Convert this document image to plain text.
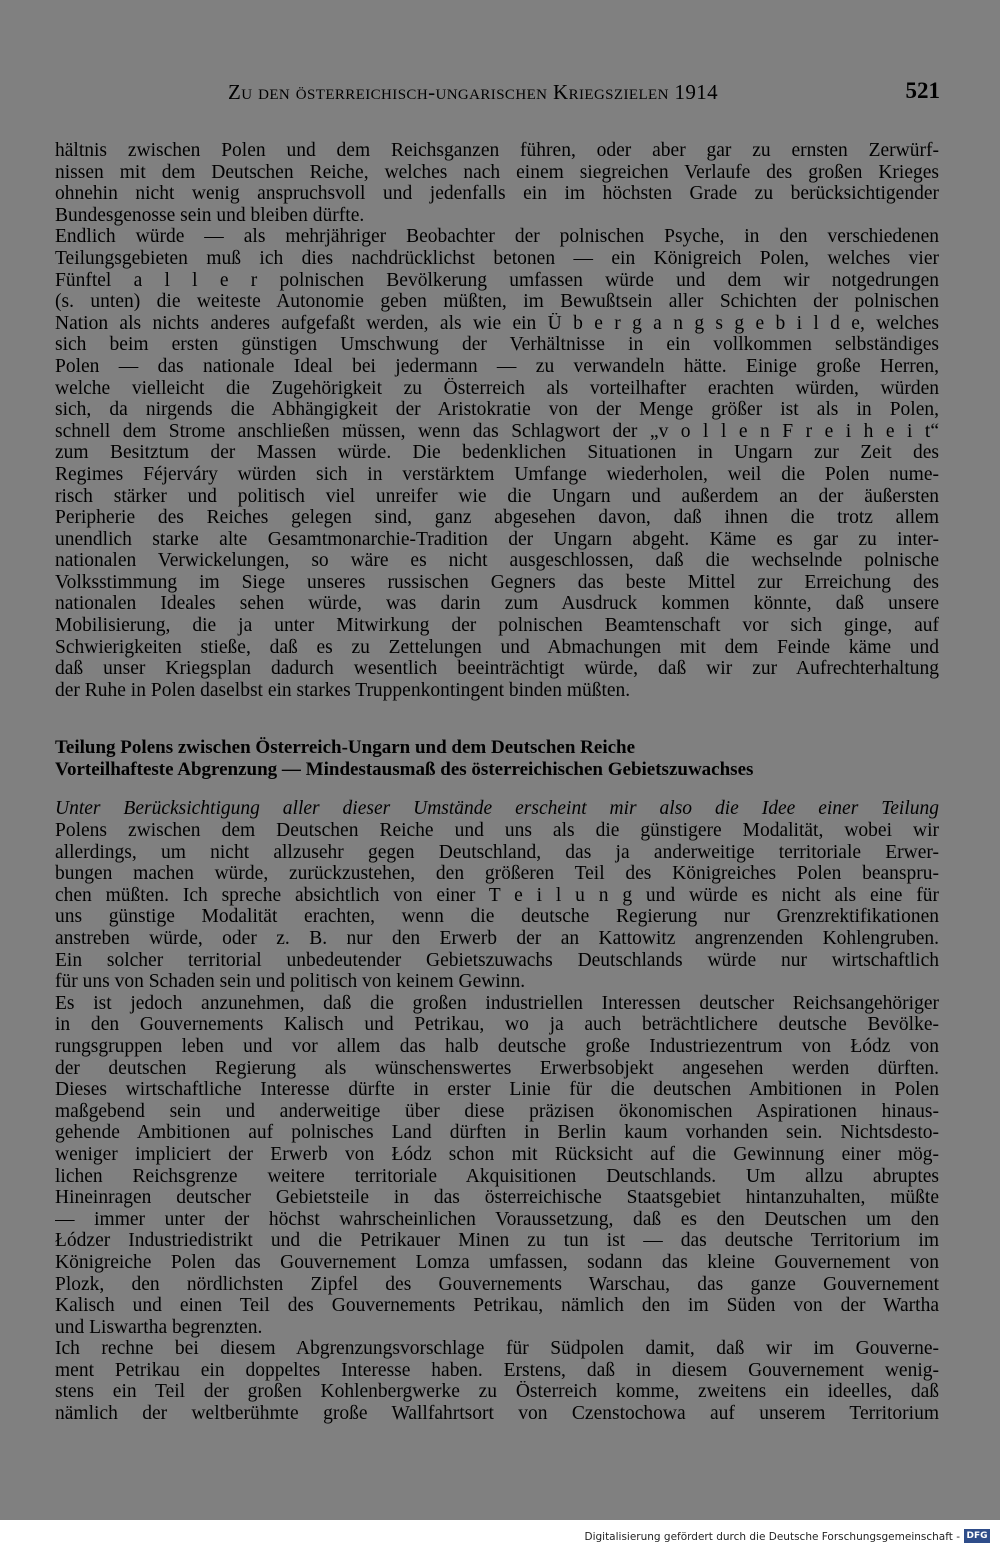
Zu den österreichisch-ungarischen Kriegszielen 1914	521
hältnis zwischen Polen und dem Reichsganzen führen, oder aber gar zu ernsten Zerwürf-
nissen mit dem Deutschen Reiche, welches nach einem siegreichen Verlaufe des großen Krieges
ohnehin nicht wenig anspruchsvoll und jedenfalls ein im höchsten Grade zu berücksichtigender
Bundesgenosse sein und bleiben dürfte.
Endlich würde — als mehrjähriger Beobachter der polnischen Psyche, in den verschiedenen
Teilungsgebieten muß ich dies nachdrücklichst betonen — ein Königreich Polen, welches vier
Fünftel a l l e r polnischen Bevölkerung umfassen würde und dem wir notgedrungen
(s. unten) die weiteste Autonomie geben müßten, im Bewußtsein aller Schichten der polnischen
Nation als nichts anderes aufgefaßt werden, als wie ein Ü b e r g a n g s g e b i l d e, welches
sich beim ersten günstigen Umschwung der Verhältnisse in ein vollkommen selbständiges
Polen — das nationale Ideal bei jedermann — zu verwandeln hätte. Einige große Herren,
welche vielleicht die Zugehörigkeit zu Österreich als vorteilhafter erachten würden, würden
sich, da nirgends die Abhängigkeit der Aristokratie von der Menge größer ist als in Polen,
schnell dem Strome anschließen müssen, wenn das Schlagwort der „v o l l e n F r e i h e i t“
zum Besitztum der Massen würde. Die bedenklichen Situationen in Ungarn zur Zeit des
Regimes Féjerváry würden sich in verstärktem Umfange wiederholen, weil die Polen nume-
risch stärker und politisch viel unreifer wie die Ungarn und außerdem an der äußersten
Peripherie des Reiches gelegen sind, ganz abgesehen davon, daß ihnen die trotz allem
unendlich starke alte Gesamtmonarchie-Tradition der Ungarn abgeht. Käme es gar zu inter-
nationalen Verwickelungen, so wäre es nicht ausgeschlossen, daß die wechselnde polnische
Volksstimmung im Siege unseres russischen Gegners das beste Mittel zur Erreichung des
nationalen Ideales sehen würde, was darin zum Ausdruck kommen könnte, daß unsere
Mobilisierung, die ja unter Mitwirkung der polnischen Beamtenschaft vor sich ginge, auf
Schwierigkeiten stieße, daß es zu Zettelungen und Abmachungen mit dem Feinde käme und
daß unser Kriegsplan dadurch wesentlich beeinträchtigt würde, daß wir zur Aufrechterhaltung
der Ruhe in Polen daselbst ein starkes Truppenkontingent binden müßten.
Teilung Polens zwischen Österreich-Ungarn und dem Deutschen Reiche
Vorteilhafteste Abgrenzung — Mindestausmaß des österreichischen Gebietszuwachses
Unter Berücksichtigung aller dieser Umstände erscheint mir also die Idee einer Teilung
Polens zwischen dem Deutschen Reiche und uns als die günstigere Modalität, wobei wir
allerdings, um nicht allzusehr gegen Deutschland, das ja anderweitige territoriale Erwer-
bungen machen würde, zurückzustehen, den größeren Teil des Königreiches Polen beanspru-
chen müßten. Ich spreche absichtlich von einer T e i l u n g und würde es nicht als eine für
uns günstige Modalität erachten, wenn die deutsche Regierung nur Grenzrektifikationen
anstreben würde, oder z. B. nur den Erwerb der an Kattowitz angrenzenden Kohlengruben.
Ein solcher territorial unbedeutender Gebietszuwachs Deutschlands würde nur wirtschaftlich
für uns von Schaden sein und politisch von keinem Gewinn.
Es ist jedoch anzunehmen, daß die großen industriellen Interessen deutscher Reichsangehöriger
in den Gouvernements Kalisch und Petrikau, wo ja auch beträchtlichere deutsche Bevölke-
rungsgruppen leben und vor allem das halb deutsche große Industriezentrum von Łódz von
der deutschen Regierung als wünschenswertes Erwerbsobjekt angesehen werden dürften.
Dieses wirtschaftliche Interesse dürfte in erster Linie für die deutschen Ambitionen in Polen
maßgebend sein und anderweitige über diese präzisen ökonomischen Aspirationen hinaus-
gehende Ambitionen auf polnisches Land dürften in Berlin kaum vorhanden sein. Nichtsdesto-
weniger impliciert der Erwerb von Łódz schon mit Rücksicht auf die Gewinnung einer mög-
lichen Reichsgrenze weitere territoriale Akquisitionen Deutschlands. Um allzu abruptes
Hineinragen deutscher Gebietsteile in das österreichische Staatsgebiet hintanzuhalten, müßte
— immer unter der höchst wahrscheinlichen Voraussetzung, daß es den Deutschen um den
Łódzer Industriedistrikt und die Petrikauer Minen zu tun ist — das deutsche Territorium im
Königreiche Polen das Gouvernement Lomza umfassen, sodann das kleine Gouvernement von
Plozk, den nördlichsten Zipfel des Gouvernements Warschau, das ganze Gouvernement
Kalisch und einen Teil des Gouvernements Petrikau, nämlich den im Süden von der Wartha
und Liswartha begrenzten.
Ich rechne bei diesem Abgrenzungsvorschlage für Südpolen damit, daß wir im Gouverne-
ment Petrikau ein doppeltes Interesse haben. Erstens, daß in diesem Gouvernement wenig-
stens ein Teil der großen Kohlenbergwerke zu Österreich komme, zweitens ein ideelles, daß
nämlich der weltberühmte große Wallfahrtsort von Czenstochowa auf unserem Territorium
Digitalisierung gefördert durch die Deutsche Forschungsgemeinschaft - DFG
